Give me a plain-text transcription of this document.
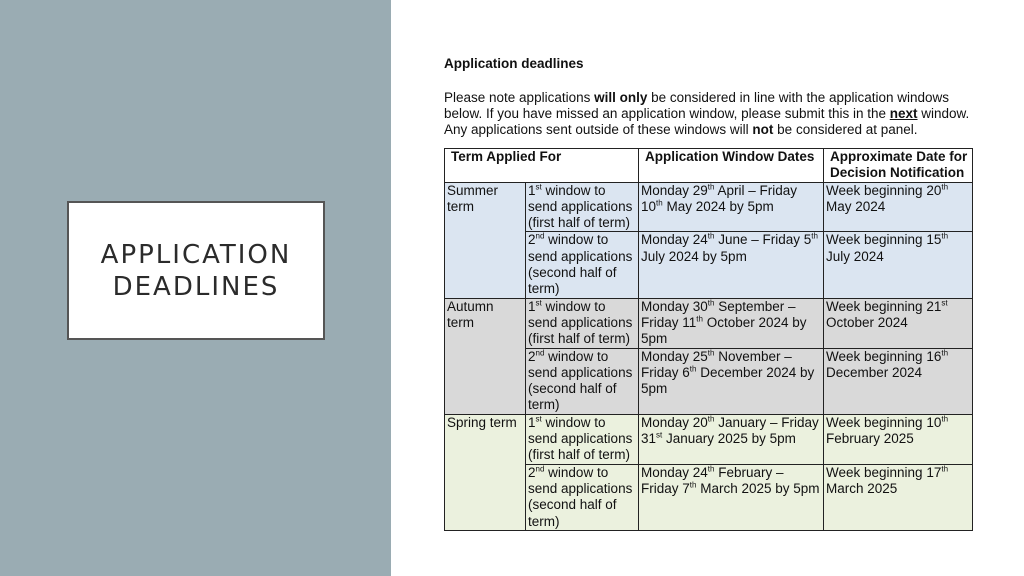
APPLICATION
DEADLINES
Application deadlines
Please note applications will only be considered in line with the application windows below. If you have missed an application window, please submit this in the next window. Any applications sent outside of these windows will not be considered at panel.
Term Applied For		Application Window Dates	Approximate Date for Decision Notification
Summer term	1st window to send applications (first half of term)	Monday 29th April – Friday 10th May 2024 by 5pm	Week beginning 20th May 2024
	2nd window to send applications (second half of term)	Monday 24th June – Friday 5th July 2024 by 5pm	Week beginning 15th July 2024
Autumn term	1st window to send applications (first half of term)	Monday 30th September – Friday 11th October 2024 by 5pm	Week beginning 21st October 2024
	2nd window to send applications (second half of term)	Monday 25th November – Friday 6th December 2024 by 5pm	Week beginning 16th December 2024
Spring term	1st window to send applications (first half of term)	Monday 20th January – Friday 31st January 2025 by 5pm	Week beginning 10th February 2025
	2nd window to send applications (second half of term)	Monday 24th February – Friday 7th March 2025 by 5pm	Week beginning 17th March 2025
